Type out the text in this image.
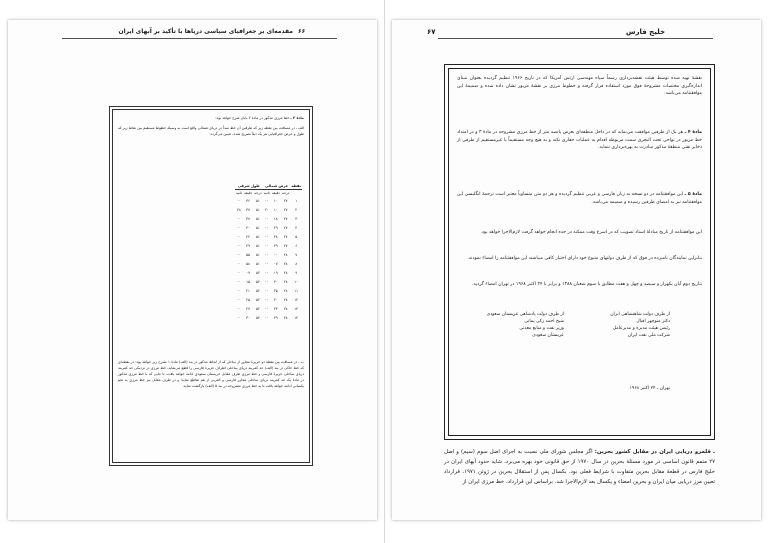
۶۶
مقدمه‌ای بر جغرافیای سیاسی دریاها با تأکید بر آبهای ایران
مادهٔ ۳ ـ خط مرزی مذکور در مادهٔ ۲ بایان شرح خواهد بود:
الف ـ در مسافت بین نقطه زیر که طرفین آن خط مبدأ در دریای شمالی واقع است به وسیلهٔ خطوط مستقیم بین نقاط زیر که طول و عرض جغرافیایی هر یک ذیلاً تصریح شده، تعیین می‌گردد:
نقطه	عرض شمالی			طول شرقی		
	درجه	دقیقه	ثانیه	درجه	دقیقه	ثانیه
۱	۲۷	۱۰	۰۰	۵۱	۳۶	۰۰
۲	۲۷	۱۰	۲۰	۵۱	۳۷	۲۸
۳	۲۷	۱۸	۰۰	۵۱	۳۷	۰۰
۴	۲۷	۲۹	۰۰	۵۱	۴۰	۰۰
۵	۲۷	۳۸	۰۰	۵۱	۴۲	۰۰
۶	۲۷	۴۹	۰۰	۵۱	۴۹	۰۰
۷	۲۸	۰۰	۰۰	۵۱	۵۵	۰۰
۸	۲۸	۰۷	۰۰	۵۱	۵۸	۰۰
۹	۲۸	۱۹	۰۰	۵۲	۰۹	۰۰
۱۰	۲۸	۳۰	۰۰	۵۲	۱۵	۰۰
۱۱	۲۸	۳۵	۰۰	۵۲	۲۱	۰۰
۱۲	۲۸	۴۰	۰۰	۵۲	۲۵	۰۰
۱۳	۲۸	۴۳	۰۰	۵۲	۲۷	۰۰
۱۴	۲۸	۴۹	۰۰	۵۲	۳۰	۰۰
ب ـ در مسافت بین نقطهٔ دو جزیرهٔ مجاور از ساحل که از لحاظ مذکور در بند (الف) مادهٔ ۱ بشرح زیر خواهد بود: در نقطه‌ای که خط حاکی در بند (الف) حد کمربند دریای ساحلی اطراف جزیرهٔ فارسی را قطع می‌نماید، خط مرزی در نزدیکی حد کمربند دریای ساحلی جزیرهٔ فارسی و خط مرزی طرف مقابل خریستان سعودی ادامه خواهد یافت، تا جایی که با خط مرزی مذکور در مادهٔ یک حد کمربند دریای ساحلی مجاور فارسی و العربی از هم تقاطع نماید؛ و در طرف مقابل نیز خط مرزی به نحو یکسانی ادامه خواهد یافت تا به خط مرزی مشروحه در بند ۵ (الف) بازگشت نماید.
۶۷	خلیج فارس
نقشهٔ تهیه شده توسط هیئت نقشه‌برداری رسماً سپاه مهندسی ارتش آمریکا که در تاریخ ۱۹۶۶ تنظیم گردیده بعنوان مبنای اندازه‌گیری مختصات مشروحهٔ فوق مورد استفاده قرار گرفته و خطوط مرزی بر نقشهٔ مزبور نشان داده شده و ضمیمهٔ این موافقتنامه می‌باشد.
مادهٔ ۴ ـ هر یک از طرفین موافقت می‌نماید که در داخل منطقه‌ای بعرض پانصد متر از خط مرزی مشروحه در مادهٔ ۳ و در امتداد خط مزبور در نواحی تحت البحری سمت مربوطه اقدام به عملیات حفاری نکند و به هیچ وجه مستقیماً یا غیرمستقیم از طرفی از ذخایر نفتی منطقهٔ مذکور مبادرت به بهره‌برداری ننماید.
مادهٔ ۵ ـ این موافقتنامه در دو نسخه به زبان فارسی و عربی تنظیم گردیده و هر دو متن متساویاً معتبر است ترجمهٔ انگلیسی این موافقتنامه نیز به امضای طرفین رسیده و ضمیمه می‌باشد.
این موافقتنامه از تاریخ مبادلهٔ اسناد تصویب که در اسرع وقت ممکنه در جده انجام خواهد گرفت لازم‌الاجرا خواهد بود.
بنابراین نمایندگان نامبرده در فوق که از طرف دولتهای متبوع خود دارای اختیار کافی میباشند این موافقتنامه را امضاء نمودند.
بتاریخ دوم آبان یکهزار و سیصد و چهل و هفت مطابق با سوم شعبان ۱۳۸۸ و برابر با ۲۴ اکتبر ۱۹۶۸ در تهران امضاء گردید.
از طرف دولت شاهنشاهی ایران
دکتر منوچهر اقبال
رئیس هیئت مدیره و مدیرعامل
شرکت ملی نفت ایران
از طرف دولت پادشاهی عربستان سعودی
شیخ احمد زکی یمانی
وزیر نفت و منابع معدنی
عربستان سعودی
تهران ـ ۲۴ اکتبر ۱۹۶۸
ـ قلمرو دریایی ایران در مقابل کشور بحرین: اگر مجلس شورای ملی نسبت به اجرای اصل سوم (سیم) و اصل ۲۷ متمم قانون اساسی در مورد مسئلهٔ بحرین در سال ۱۹۷۰ از حق قانونی خود بهره می‌برد، شاید حدود آبهای ایران در خلیج فارس در قطعهٔ مقابل بحرین متفاوت با شرایط فعلی بود. بکسال پس از استقلال بحرین در ژوئن ۱۹۷۱، قرارداد تعیین مرز دریایی میان ایران و بحرین امضاء و یکسال بعد لازم‌الاجرا شد. براساس این قرارداد، خط مرزی ایران از
